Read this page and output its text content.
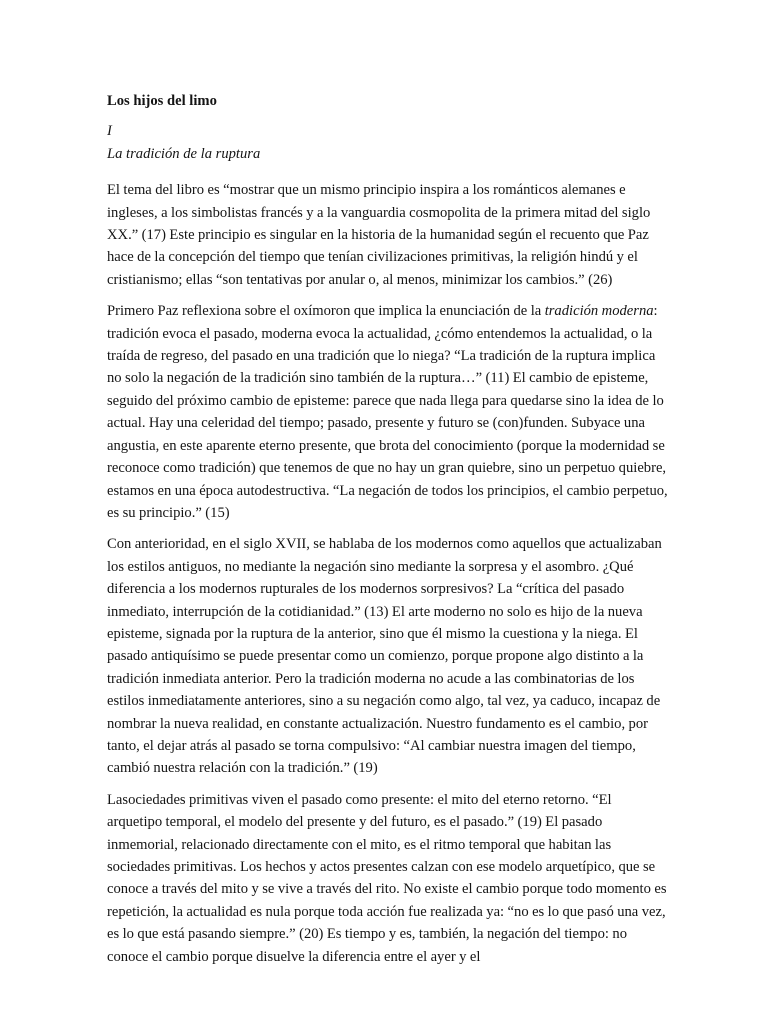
Los hijos del limo
I
La tradición de la ruptura

El tema del libro es “mostrar que un mismo principio inspira a los románticos alemanes e ingleses, a los simbolistas francés y a la vanguardia cosmopolita de la primera mitad del siglo XX.” (17) Este principio es singular en la historia de la humanidad según el recuento que Paz hace de la concepción del tiempo que tenían civilizaciones primitivas, la religión hindú y el cristianismo; ellas “son tentativas por anular o, al menos, minimizar los cambios.” (26)

Primero Paz reflexiona sobre el oxímoron que implica la enunciación de la tradición moderna: tradición evoca el pasado, moderna evoca la actualidad, ¿cómo entendemos la actualidad, o la traída de regreso, del pasado en una tradición que lo niega? “La tradición de la ruptura implica no solo la negación de la tradición sino también de la ruptura…” (11) El cambio de episteme, seguido del próximo cambio de episteme: parece que nada llega para quedarse sino la idea de lo actual. Hay una celeridad del tiempo; pasado, presente y futuro se (con)funden. Subyace una angustia, en este aparente eterno presente, que brota del conocimiento (porque la modernidad se reconoce como tradición) que tenemos de que no hay un gran quiebre, sino un perpetuo quiebre, estamos en una época autodestructiva. “La negación de todos los principios, el cambio perpetuo, es su principio.” (15)

Con anterioridad, en el siglo XVII, se hablaba de los modernos como aquellos que actualizaban los estilos antiguos, no mediante la negación sino mediante la sorpresa y el asombro. ¿Qué diferencia a los modernos rupturales de los modernos sorpresivos? La “crítica del pasado inmediato, interrupción de la cotidianidad.” (13) El arte moderno no solo es hijo de la nueva episteme, signada por la ruptura de la anterior, sino que él mismo la cuestiona y la niega. El pasado antiquísimo se puede presentar como un comienzo, porque propone algo distinto a la tradición inmediata anterior. Pero la tradición moderna no acude a las combinatorias de los estilos inmediatamente anteriores, sino a su negación como algo, tal vez, ya caduco, incapaz de nombrar la nueva realidad, en constante actualización. Nuestro fundamento es el cambio, por tanto, el dejar atrás al pasado se torna compulsivo: “Al cambiar nuestra imagen del tiempo, cambió nuestra relación con la tradición.” (19)

Lasociedades primitivas viven el pasado como presente: el mito del eterno retorno. “El arquetipo temporal, el modelo del presente y del futuro, es el pasado.” (19) El pasado inmemorial, relacionado directamente con el mito, es el ritmo temporal que habitan las sociedades primitivas. Los hechos y actos presentes calzan con ese modelo arquetípico, que se conoce a través del mito y se vive a través del rito. No existe el cambio porque todo momento es repetición, la actualidad es nula porque toda acción fue realizada ya: “no es lo que pasó una vez, es lo que está pasando siempre.” (20) Es tiempo y es, también, la negación del tiempo: no conoce el cambio porque disuelve la diferencia entre el ayer y el
